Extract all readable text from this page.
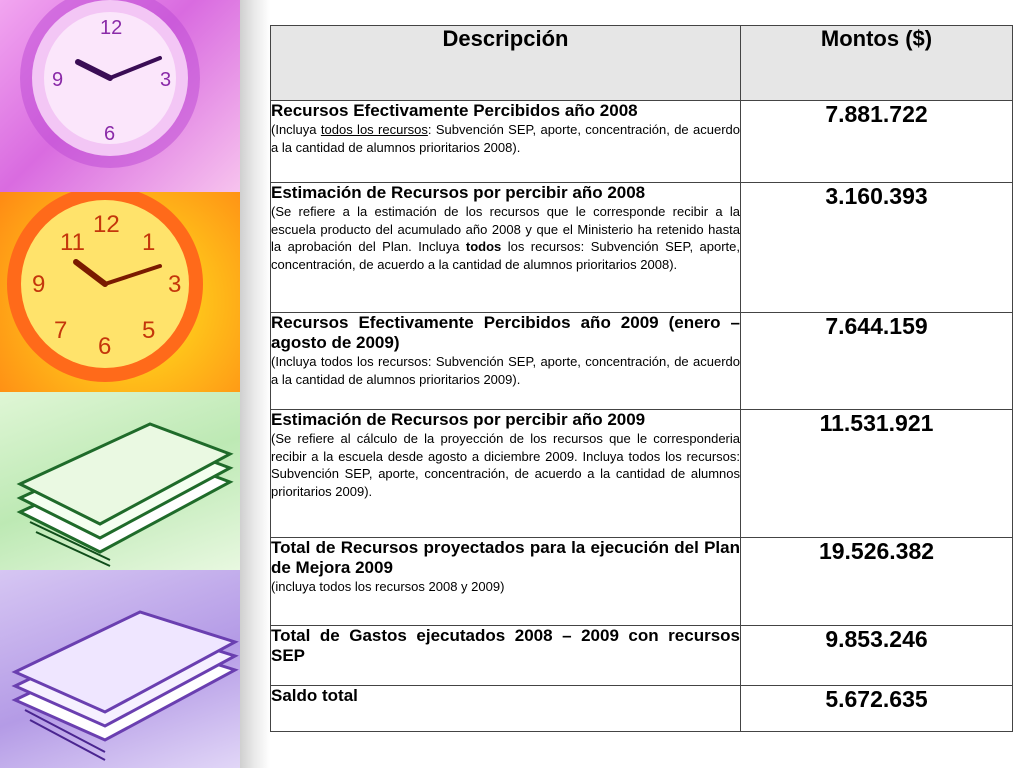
12
3
6
9
12
3
6
9
1
11
5
7
Descripción	Montos ($)

Recursos Efectivamente Percibidos año 2008
(Incluya todos los recursos: Subvención SEP, aporte, concentración, de acuerdo a la cantidad de alumnos prioritarios 2008).	7.881.722

Estimación de Recursos por percibir año 2008
(Se refiere a la estimación de los recursos que le corresponde recibir a la escuela producto del acumulado año 2008 y que el Ministerio ha retenido hasta la aprobación del Plan. Incluya todos los recursos: Subvención SEP, aporte, concentración, de acuerdo a la cantidad de alumnos prioritarios 2008).	3.160.393

Recursos Efectivamente Percibidos año 2009 (enero – agosto de 2009)
(Incluya todos los recursos: Subvención SEP, aporte, concentración, de acuerdo a la cantidad de alumnos prioritarios 2009).	7.644.159

Estimación de Recursos por percibir año 2009
(Se refiere al cálculo de la proyección de los recursos que le corresponderia recibir a la escuela desde agosto a diciembre 2009. Incluya todos los recursos: Subvención SEP, aporte, concentración, de acuerdo a la cantidad de alumnos prioritarios 2009).	11.531.921

Total de Recursos proyectados para la ejecución del Plan de Mejora 2009
(incluya todos los recursos 2008 y 2009)	19.526.382

Total de Gastos ejecutados 2008 – 2009 con recursos SEP	9.853.246

Saldo total	5.672.635
